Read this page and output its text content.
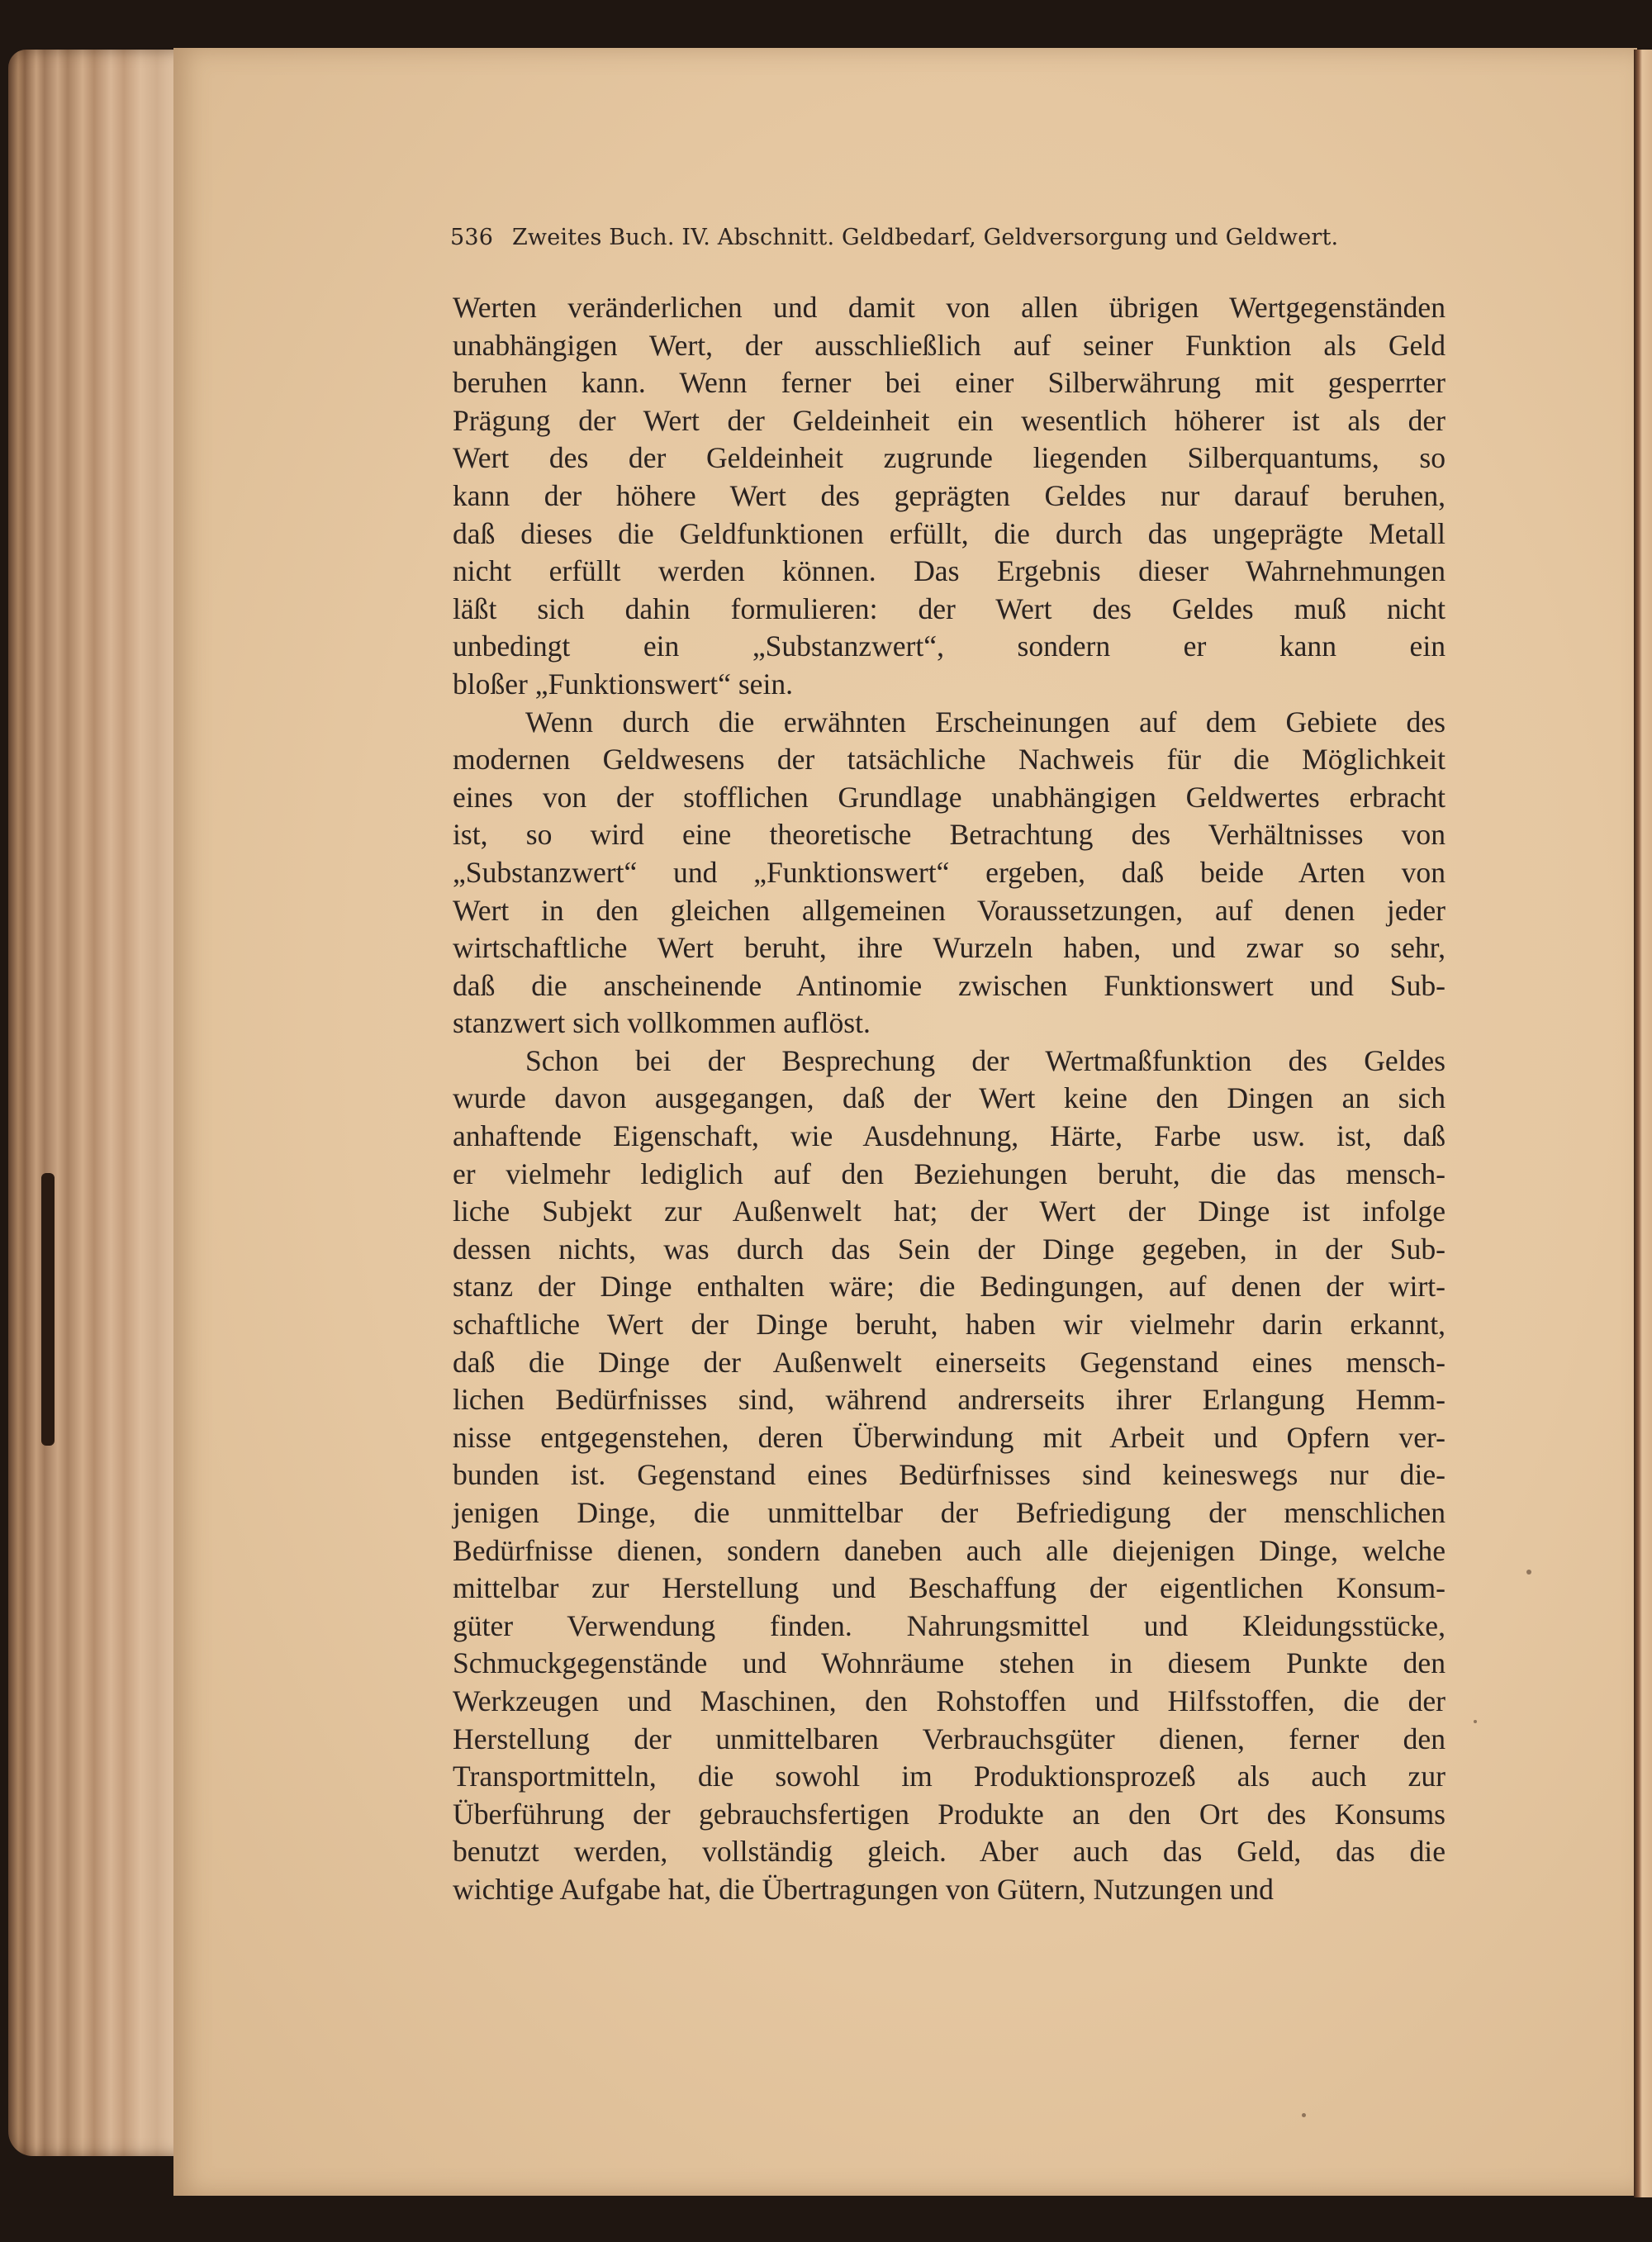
536 Zweites Buch. IV. Abschnitt. Geldbedarf, Geldversorgung und Geldwert.
Werten veränderlichen und damit von allen übrigen Wertgegenständen
unabhängigen Wert, der ausschließlich auf seiner Funktion als Geld
beruhen kann. Wenn ferner bei einer Silberwährung mit gesperrter
Prägung der Wert der Geldeinheit ein wesentlich höherer ist als der
Wert des der Geldeinheit zugrunde liegenden Silberquantums, so
kann der höhere Wert des geprägten Geldes nur darauf beruhen,
daß dieses die Geldfunktionen erfüllt, die durch das ungeprägte Metall
nicht erfüllt werden können. Das Ergebnis dieser Wahrnehmungen
läßt sich dahin formulieren: der Wert des Geldes muß nicht
unbedingt ein „Substanzwert“, sondern er kann ein
bloßer „Funktionswert“ sein.
Wenn durch die erwähnten Erscheinungen auf dem Gebiete des
modernen Geldwesens der tatsächliche Nachweis für die Möglichkeit
eines von der stofflichen Grundlage unabhängigen Geldwertes erbracht
ist, so wird eine theoretische Betrachtung des Verhältnisses von
„Substanzwert“ und „Funktionswert“ ergeben, daß beide Arten von
Wert in den gleichen allgemeinen Voraussetzungen, auf denen jeder
wirtschaftliche Wert beruht, ihre Wurzeln haben, und zwar so sehr,
daß die anscheinende Antinomie zwischen Funktionswert und Sub-
stanzwert sich vollkommen auflöst.
Schon bei der Besprechung der Wertmaßfunktion des Geldes
wurde davon ausgegangen, daß der Wert keine den Dingen an sich
anhaftende Eigenschaft, wie Ausdehnung, Härte, Farbe usw. ist, daß
er vielmehr lediglich auf den Beziehungen beruht, die das mensch-
liche Subjekt zur Außenwelt hat; der Wert der Dinge ist infolge
dessen nichts, was durch das Sein der Dinge gegeben, in der Sub-
stanz der Dinge enthalten wäre; die Bedingungen, auf denen der wirt-
schaftliche Wert der Dinge beruht, haben wir vielmehr darin erkannt,
daß die Dinge der Außenwelt einerseits Gegenstand eines mensch-
lichen Bedürfnisses sind, während andrerseits ihrer Erlangung Hemm-
nisse entgegenstehen, deren Überwindung mit Arbeit und Opfern ver-
bunden ist. Gegenstand eines Bedürfnisses sind keineswegs nur die-
jenigen Dinge, die unmittelbar der Befriedigung der menschlichen
Bedürfnisse dienen, sondern daneben auch alle diejenigen Dinge, welche
mittelbar zur Herstellung und Beschaffung der eigentlichen Konsum-
güter Verwendung finden. Nahrungsmittel und Kleidungsstücke,
Schmuckgegenstände und Wohnräume stehen in diesem Punkte den
Werkzeugen und Maschinen, den Rohstoffen und Hilfsstoffen, die der
Herstellung der unmittelbaren Verbrauchsgüter dienen, ferner den
Transportmitteln, die sowohl im Produktionsprozeß als auch zur
Überführung der gebrauchsfertigen Produkte an den Ort des Konsums
benutzt werden, vollständig gleich. Aber auch das Geld, das die
wichtige Aufgabe hat, die Übertragungen von Gütern, Nutzungen und
